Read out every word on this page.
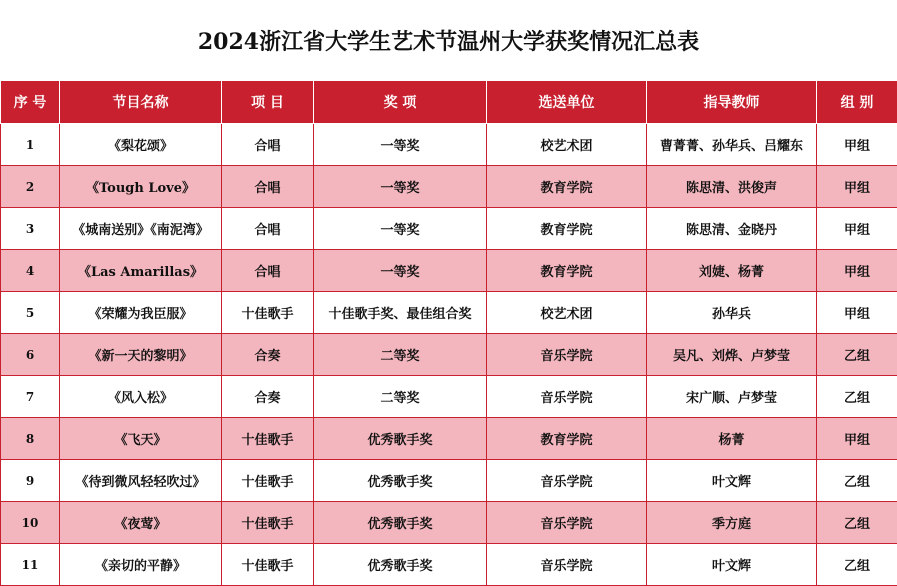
2024浙江省大学生艺术节温州大学获奖情况汇总表
序 号	节目名称	项 目	奖 项	选送单位	指导教师	组 别
1	《梨花颂》	合唱	一等奖	校艺术团	曹菁菁、孙华兵、吕耀东	甲组
2	《Tough Love》	合唱	一等奖	教育学院	陈思清、洪俊声	甲组
3	《城南送别》《南泥湾》	合唱	一等奖	教育学院	陈思清、金晓丹	甲组
4	《Las Amarillas》	合唱	一等奖	教育学院	刘婕、杨菁	甲组
5	《荣耀为我臣服》	十佳歌手	十佳歌手奖、最佳组合奖	校艺术团	孙华兵	甲组
6	《新一天的黎明》	合奏	二等奖	音乐学院	吴凡、刘烨、卢梦莹	乙组
7	《风入松》	合奏	二等奖	音乐学院	宋广顺、卢梦莹	乙组
8	《飞天》	十佳歌手	优秀歌手奖	教育学院	杨菁	甲组
9	《待到微风轻轻吹过》	十佳歌手	优秀歌手奖	音乐学院	叶文辉	乙组
10	《夜莺》	十佳歌手	优秀歌手奖	音乐学院	季方庭	乙组
11	《亲切的平静》	十佳歌手	优秀歌手奖	音乐学院	叶文辉	乙组
